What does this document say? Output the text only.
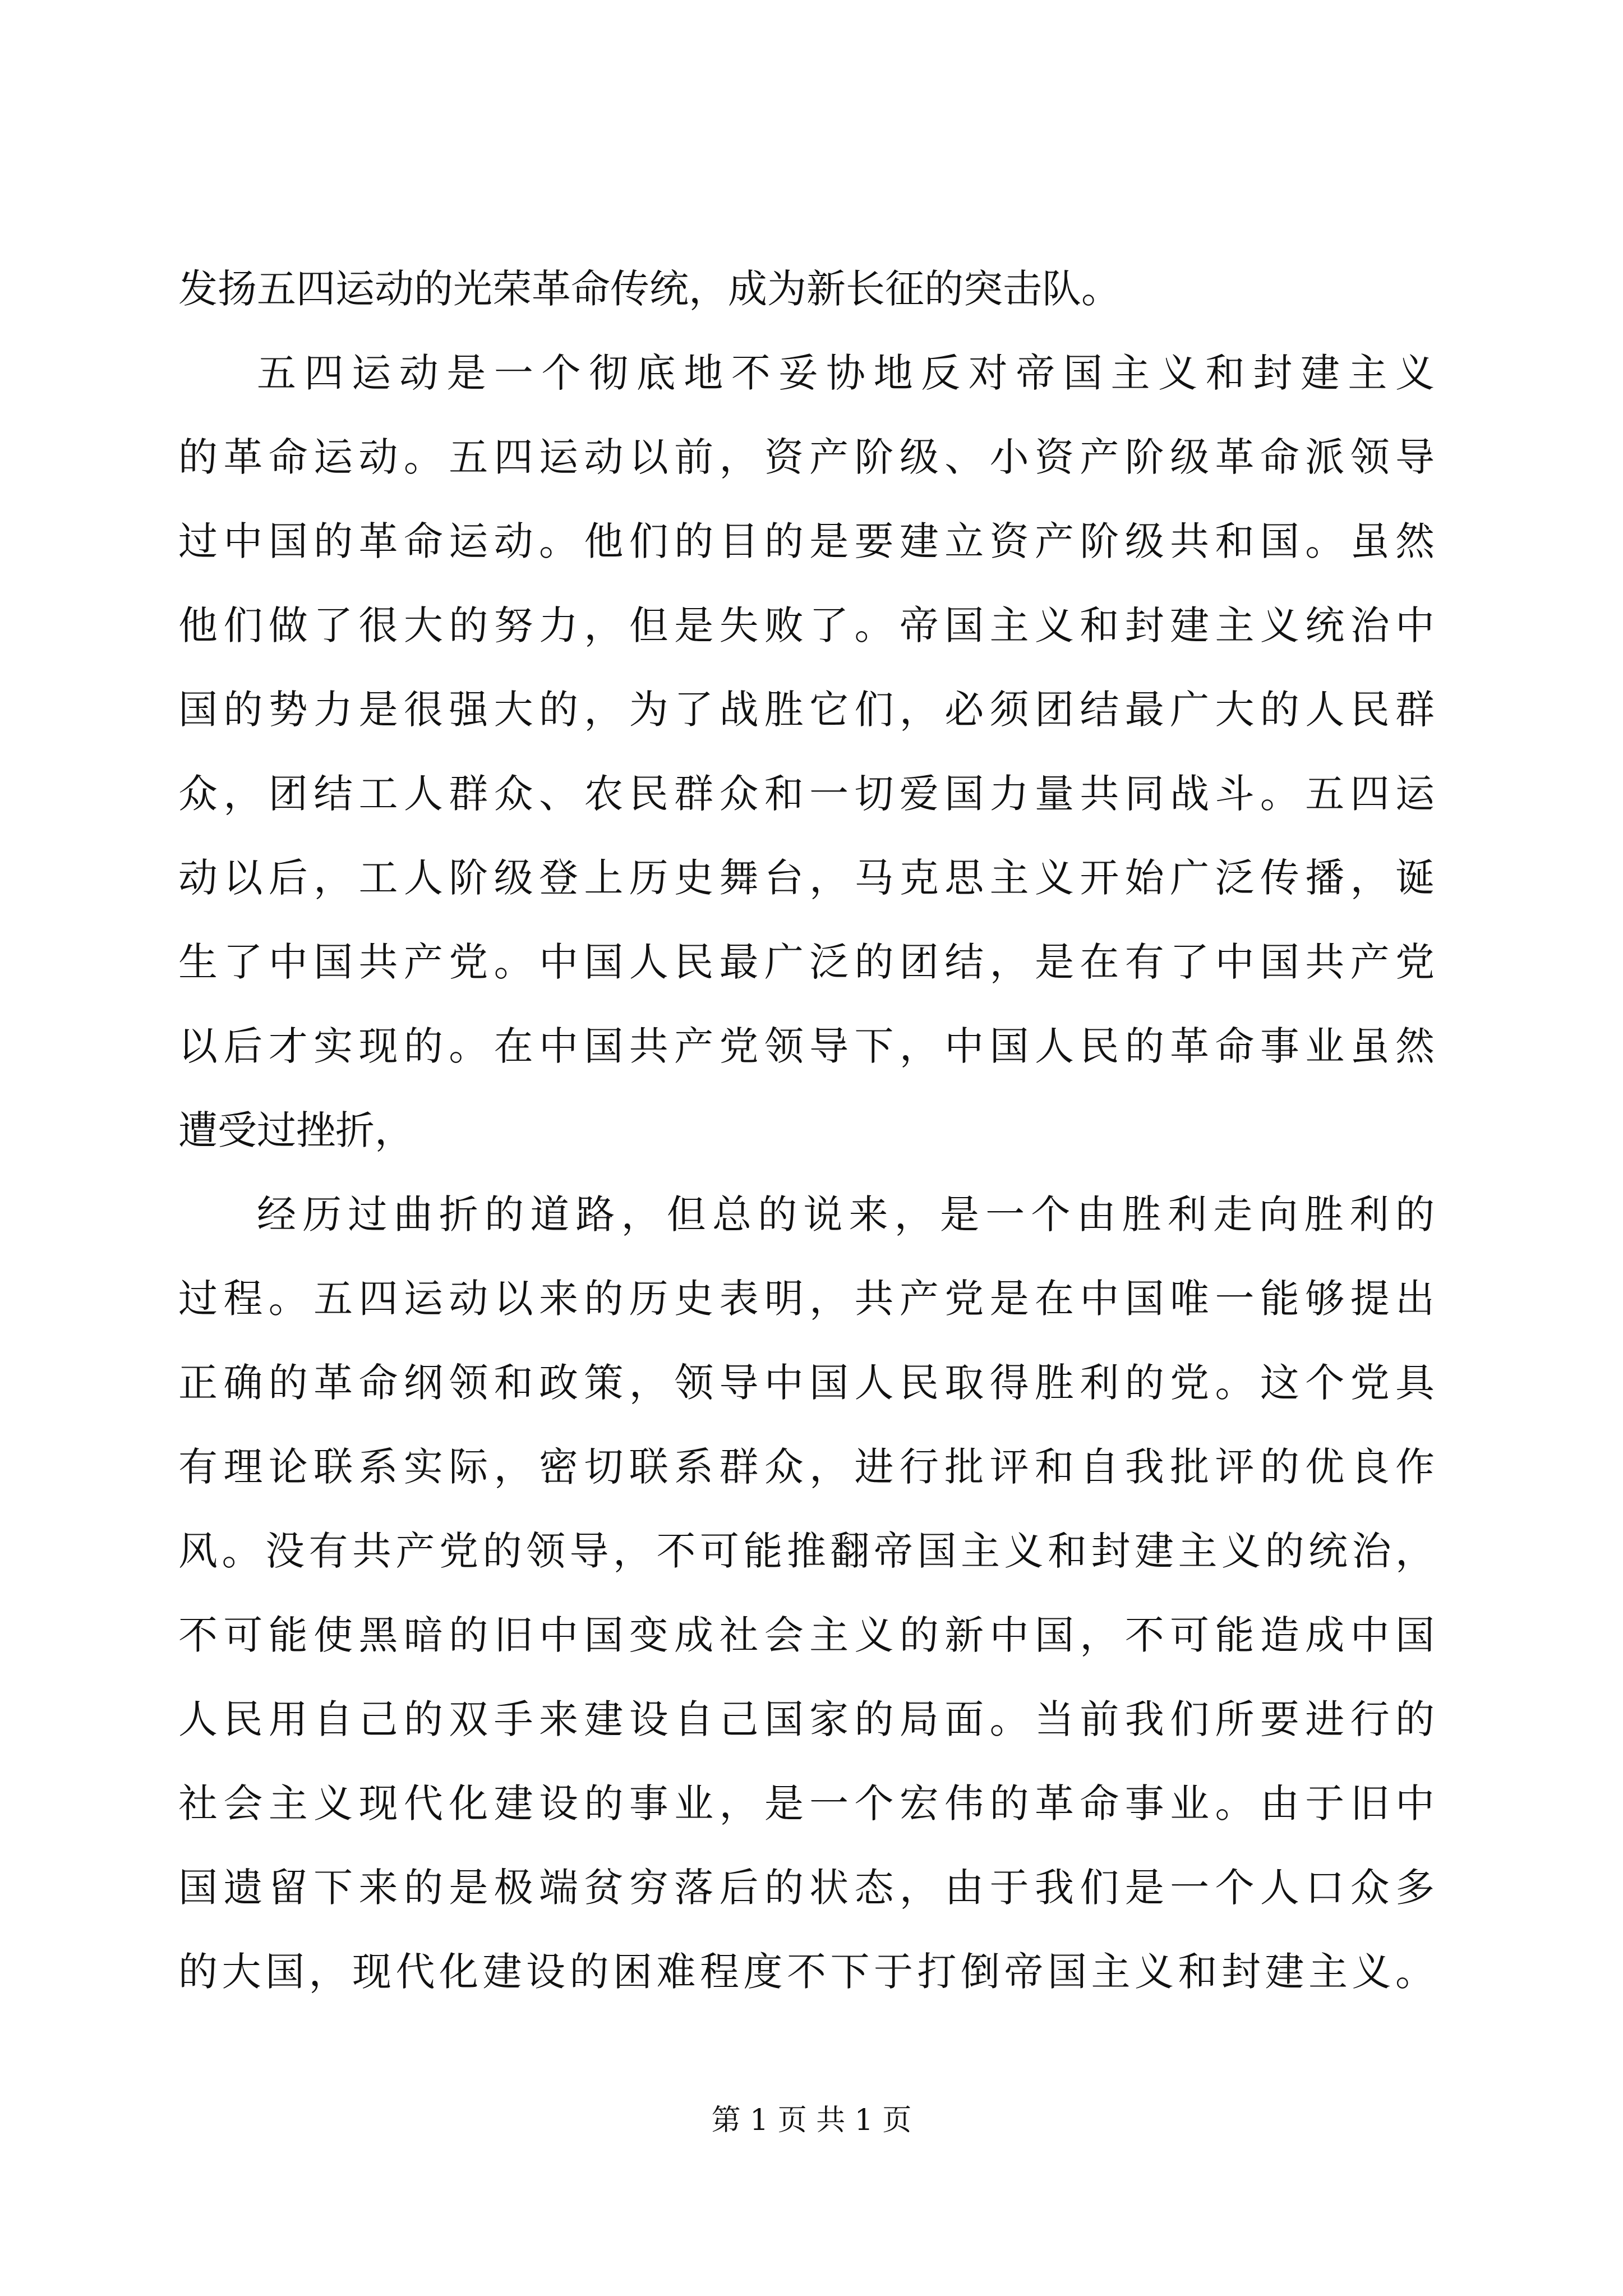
发扬五四运动的光荣革命传统，成为新长征的突击队。
五四运动是一个彻底地不妥协地反对帝国主义和封建主义
的革命运动。五四运动以前，资产阶级、小资产阶级革命派领导
过中国的革命运动。他们的目的是要建立资产阶级共和国。虽然
他们做了很大的努力，但是失败了。帝国主义和封建主义统治中
国的势力是很强大的，为了战胜它们，必须团结最广大的人民群
众，团结工人群众、农民群众和一切爱国力量共同战斗。五四运
动以后，工人阶级登上历史舞台，马克思主义开始广泛传播，诞
生了中国共产党。中国人民最广泛的团结，是在有了中国共产党
以后才实现的。在中国共产党领导下，中国人民的革命事业虽然
遭受过挫折，
经历过曲折的道路，但总的说来，是一个由胜利走向胜利的
过程。五四运动以来的历史表明，共产党是在中国唯一能够提出
正确的革命纲领和政策，领导中国人民取得胜利的党。这个党具
有理论联系实际，密切联系群众，进行批评和自我批评的优良作
风。没有共产党的领导，不可能推翻帝国主义和封建主义的统治，
不可能使黑暗的旧中国变成社会主义的新中国，不可能造成中国
人民用自己的双手来建设自己国家的局面。当前我们所要进行的
社会主义现代化建设的事业，是一个宏伟的革命事业。由于旧中
国遗留下来的是极端贫穷落后的状态，由于我们是一个人口众多
的大国，现代化建设的困难程度不下于打倒帝国主义和封建主义。
第 1 页 共 1 页
